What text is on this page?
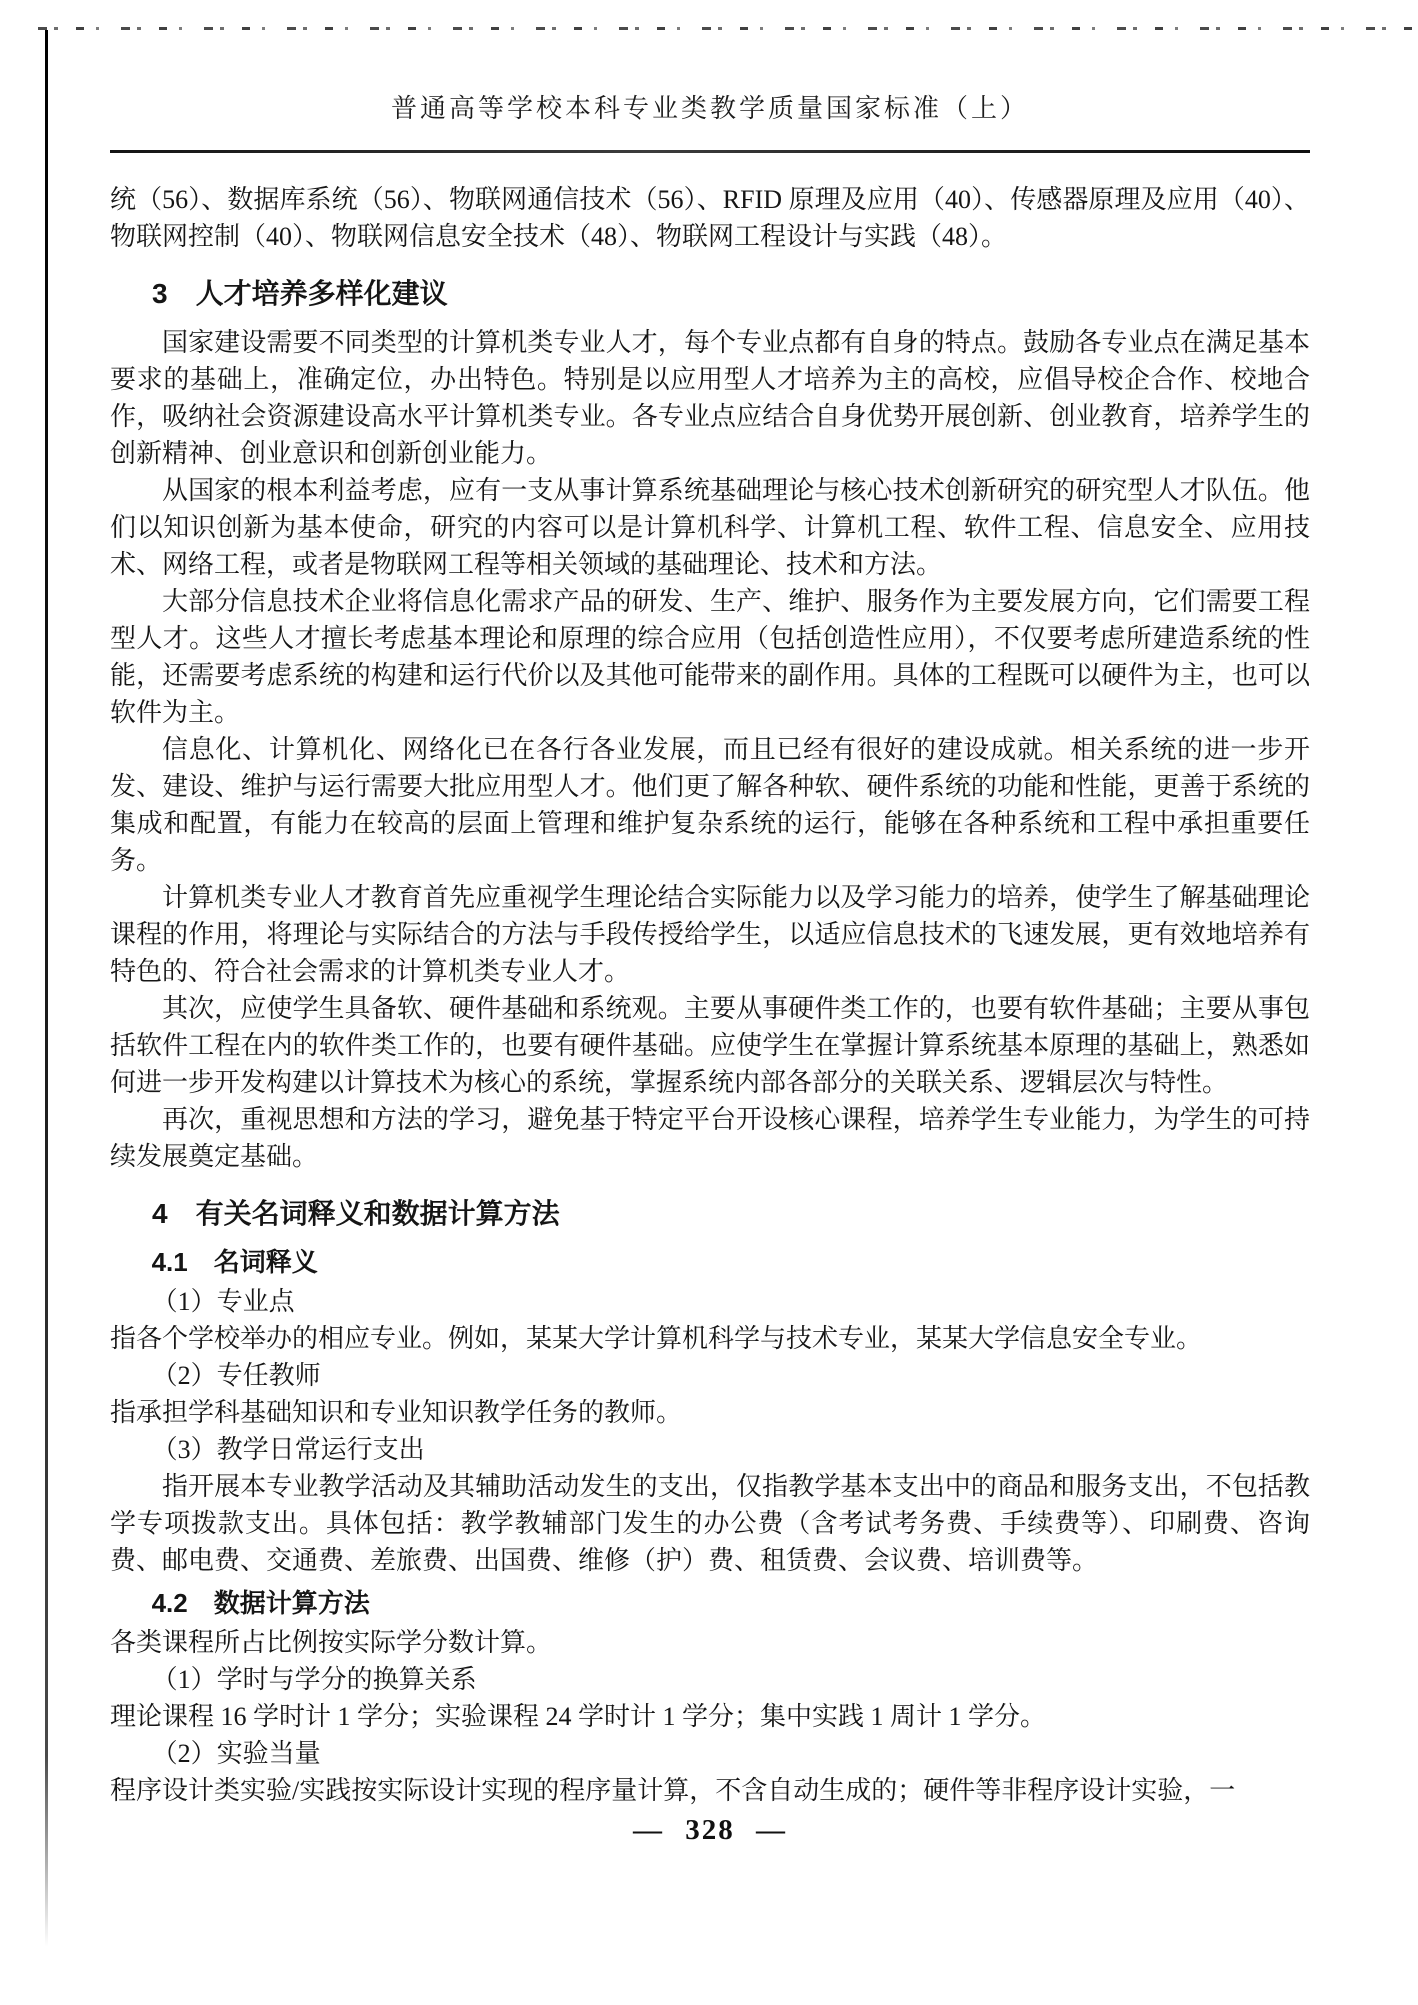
普通高等学校本科专业类教学质量国家标准（上）
统（56）、数据库系统（56）、物联网通信技术（56）、RFID 原理及应用（40）、传感器原理及应用（40）、物联网控制（40）、物联网信息安全技术（48）、物联网工程设计与实践（48）。
3　人才培养多样化建议
国家建设需要不同类型的计算机类专业人才，每个专业点都有自身的特点。鼓励各专业点在满足基本要求的基础上，准确定位，办出特色。特别是以应用型人才培养为主的高校，应倡导校企合作、校地合作，吸纳社会资源建设高水平计算机类专业。各专业点应结合自身优势开展创新、创业教育，培养学生的创新精神、创业意识和创新创业能力。
从国家的根本利益考虑，应有一支从事计算系统基础理论与核心技术创新研究的研究型人才队伍。他们以知识创新为基本使命，研究的内容可以是计算机科学、计算机工程、软件工程、信息安全、应用技术、网络工程，或者是物联网工程等相关领域的基础理论、技术和方法。
大部分信息技术企业将信息化需求产品的研发、生产、维护、服务作为主要发展方向，它们需要工程型人才。这些人才擅长考虑基本理论和原理的综合应用（包括创造性应用），不仅要考虑所建造系统的性能，还需要考虑系统的构建和运行代价以及其他可能带来的副作用。具体的工程既可以硬件为主，也可以软件为主。
信息化、计算机化、网络化已在各行各业发展，而且已经有很好的建设成就。相关系统的进一步开发、建设、维护与运行需要大批应用型人才。他们更了解各种软、硬件系统的功能和性能，更善于系统的集成和配置，有能力在较高的层面上管理和维护复杂系统的运行，能够在各种系统和工程中承担重要任务。
计算机类专业人才教育首先应重视学生理论结合实际能力以及学习能力的培养，使学生了解基础理论课程的作用，将理论与实际结合的方法与手段传授给学生，以适应信息技术的飞速发展，更有效地培养有特色的、符合社会需求的计算机类专业人才。
其次，应使学生具备软、硬件基础和系统观。主要从事硬件类工作的，也要有软件基础；主要从事包括软件工程在内的软件类工作的，也要有硬件基础。应使学生在掌握计算系统基本原理的基础上，熟悉如何进一步开发构建以计算技术为核心的系统，掌握系统内部各部分的关联关系、逻辑层次与特性。
再次，重视思想和方法的学习，避免基于特定平台开设核心课程，培养学生专业能力，为学生的可持续发展奠定基础。
4　有关名词释义和数据计算方法
4.1　名词释义
（1）专业点
指各个学校举办的相应专业。例如，某某大学计算机科学与技术专业，某某大学信息安全专业。
（2）专任教师
指承担学科基础知识和专业知识教学任务的教师。
（3）教学日常运行支出
指开展本专业教学活动及其辅助活动发生的支出，仅指教学基本支出中的商品和服务支出，不包括教学专项拨款支出。具体包括：教学教辅部门发生的办公费（含考试考务费、手续费等）、印刷费、咨询费、邮电费、交通费、差旅费、出国费、维修（护）费、租赁费、会议费、培训费等。
4.2　数据计算方法
各类课程所占比例按实际学分数计算。
（1）学时与学分的换算关系
理论课程 16 学时计 1 学分；实验课程 24 学时计 1 学分；集中实践 1 周计 1 学分。
（2）实验当量
程序设计类实验/实践按实际设计实现的程序量计算，不含自动生成的；硬件等非程序设计实验，一
— 328 —
